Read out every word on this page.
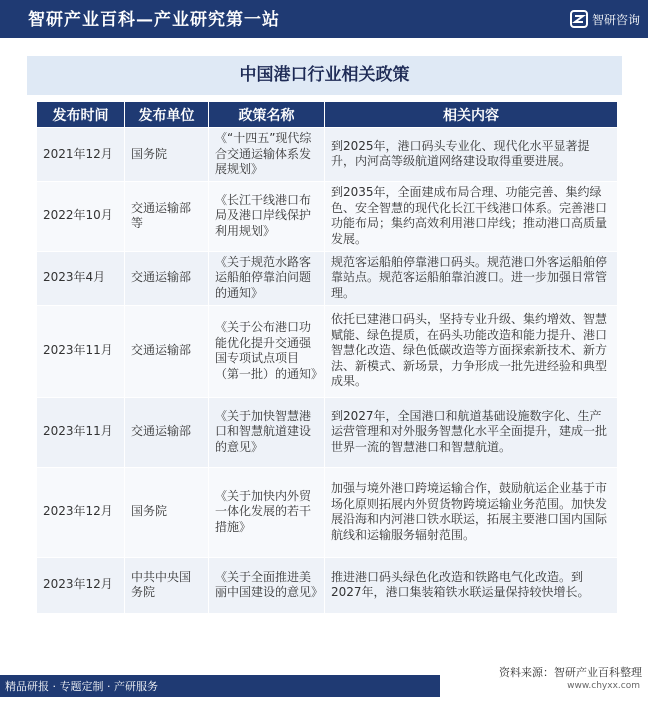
智研产业百科—产业研究第一站	智研咨询
中国港口行业相关政策
发布时间	发布单位	政策名称	相关内容
2021年12月	国务院	《“十四五”现代综合交通运输体系发展规划》	到2025年，港口码头专业化、现代化水平显著提升，内河高等级航道网络建设取得重要进展。
2022年10月	交通运输部等	《长江干线港口布局及港口岸线保护利用规划》	到2035年，全面建成布局合理、功能完善、集约绿色、安全智慧的现代化长江干线港口体系。完善港口功能布局；集约高效利用港口岸线；推动港口高质量发展。
2023年4月	交通运输部	《关于规范水路客运船舶停靠泊问题的通知》	规范客运船舶停靠港口码头。规范港口外客运船舶停靠站点。规范客运船舶靠泊渡口。进一步加强日常管理。
2023年11月	交通运输部	《关于公布港口功能优化提升交通强国专项试点项目（第一批）的通知》	依托已建港口码头，坚持专业升级、集约增效、智慧赋能、绿色提质，在码头功能改造和能力提升、港口智慧化改造、绿色低碳改造等方面探索新技术、新方法、新模式、新场景，力争形成一批先进经验和典型成果。
2023年11月	交通运输部	《关于加快智慧港口和智慧航道建设的意见》	到2027年，全国港口和航道基础设施数字化、生产运营管理和对外服务智慧化水平全面提升，建成一批世界一流的智慧港口和智慧航道。
2023年12月	国务院	《关于加快内外贸一体化发展的若干措施》	加强与境外港口跨境运输合作，鼓励航运企业基于市场化原则拓展内外贸货物跨境运输业务范围。加快发展沿海和内河港口铁水联运，拓展主要港口国内国际航线和运输服务辐射范围。
2023年12月	中共中央国务院	《关于全面推进美丽中国建设的意见》	推进港口码头绿色化改造和铁路电气化改造。到2027年，港口集装箱铁水联运量保持较快增长。
资料来源：智研产业百科整理
精品研报 · 专题定制 · 产研服务	www.chyxx.com
